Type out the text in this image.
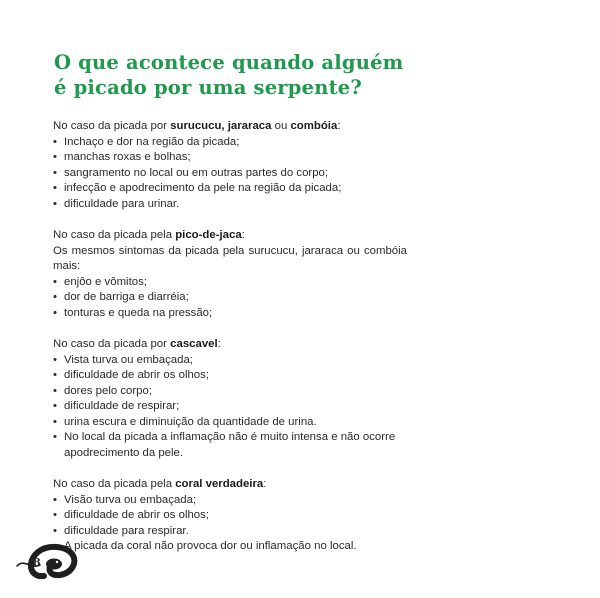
O que acontece quando alguém
é picado por uma serpente?
No caso da picada por surucucu, jararaca ou combóia:
• Inchaço e dor na região da picada;
• manchas roxas e bolhas;
• sangramento no local ou em outras partes do corpo;
• infecção e apodrecimento da pele na região da picada;
• dificuldade para urinar.
No caso da picada pela pico-de-jaca:
Os mesmos sintomas da picada pela surucucu, jararaca ou combóia mais:
• enjôo e vômitos;
• dor de barriga e diarréia;
• tonturas e queda na pressão;
No caso da picada por cascavel:
• Vista turva ou embaçada;
• dificuldade de abrir os olhos;
• dores pelo corpo;
• dificuldade de respirar;
• urina escura e diminuição da quantidade de urina.
• No local da picada a inflamação não é muito intensa e não ocorre apodrecimento da pele.
No caso da picada pela coral verdadeira:
• Visão turva ou embaçada;
• dificuldade de abrir os olhos;
• dificuldade para respirar.
• A picada da coral não provoca dor ou inflamação no local.
8
